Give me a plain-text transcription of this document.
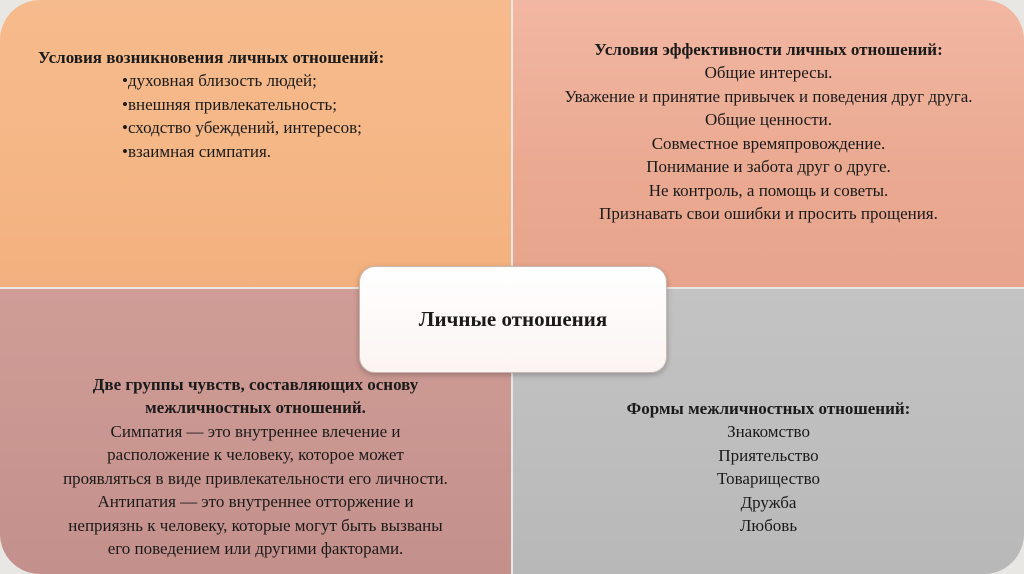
Условия возникновения личных отношений:
•духовная близость людей;
•внешняя привлекательность;
•сходство убеждений, интересов;
•взаимная симпатия.
Условия эффективности личных отношений:
Общие интересы.
Уважение и принятие привычек и поведения друг друга.
Общие ценности.
Совместное времяпровождение.
Понимание и забота друг о друге.
Не контроль, а помощь и советы.
Признавать свои ошибки и просить прощения.
Две группы чувств, составляющих основу
межличностных отношений.
Симпатия — это внутреннее влечение и
расположение к человеку, которое может
проявляться в виде привлекательности его личности.
Антипатия — это внутреннее отторжение и
неприязнь к человеку, которые могут быть вызваны
его поведением или другими факторами.
Формы межличностных отношений:
Знакомство
Приятельство
Товарищество
Дружба
Любовь
Личные отношения
